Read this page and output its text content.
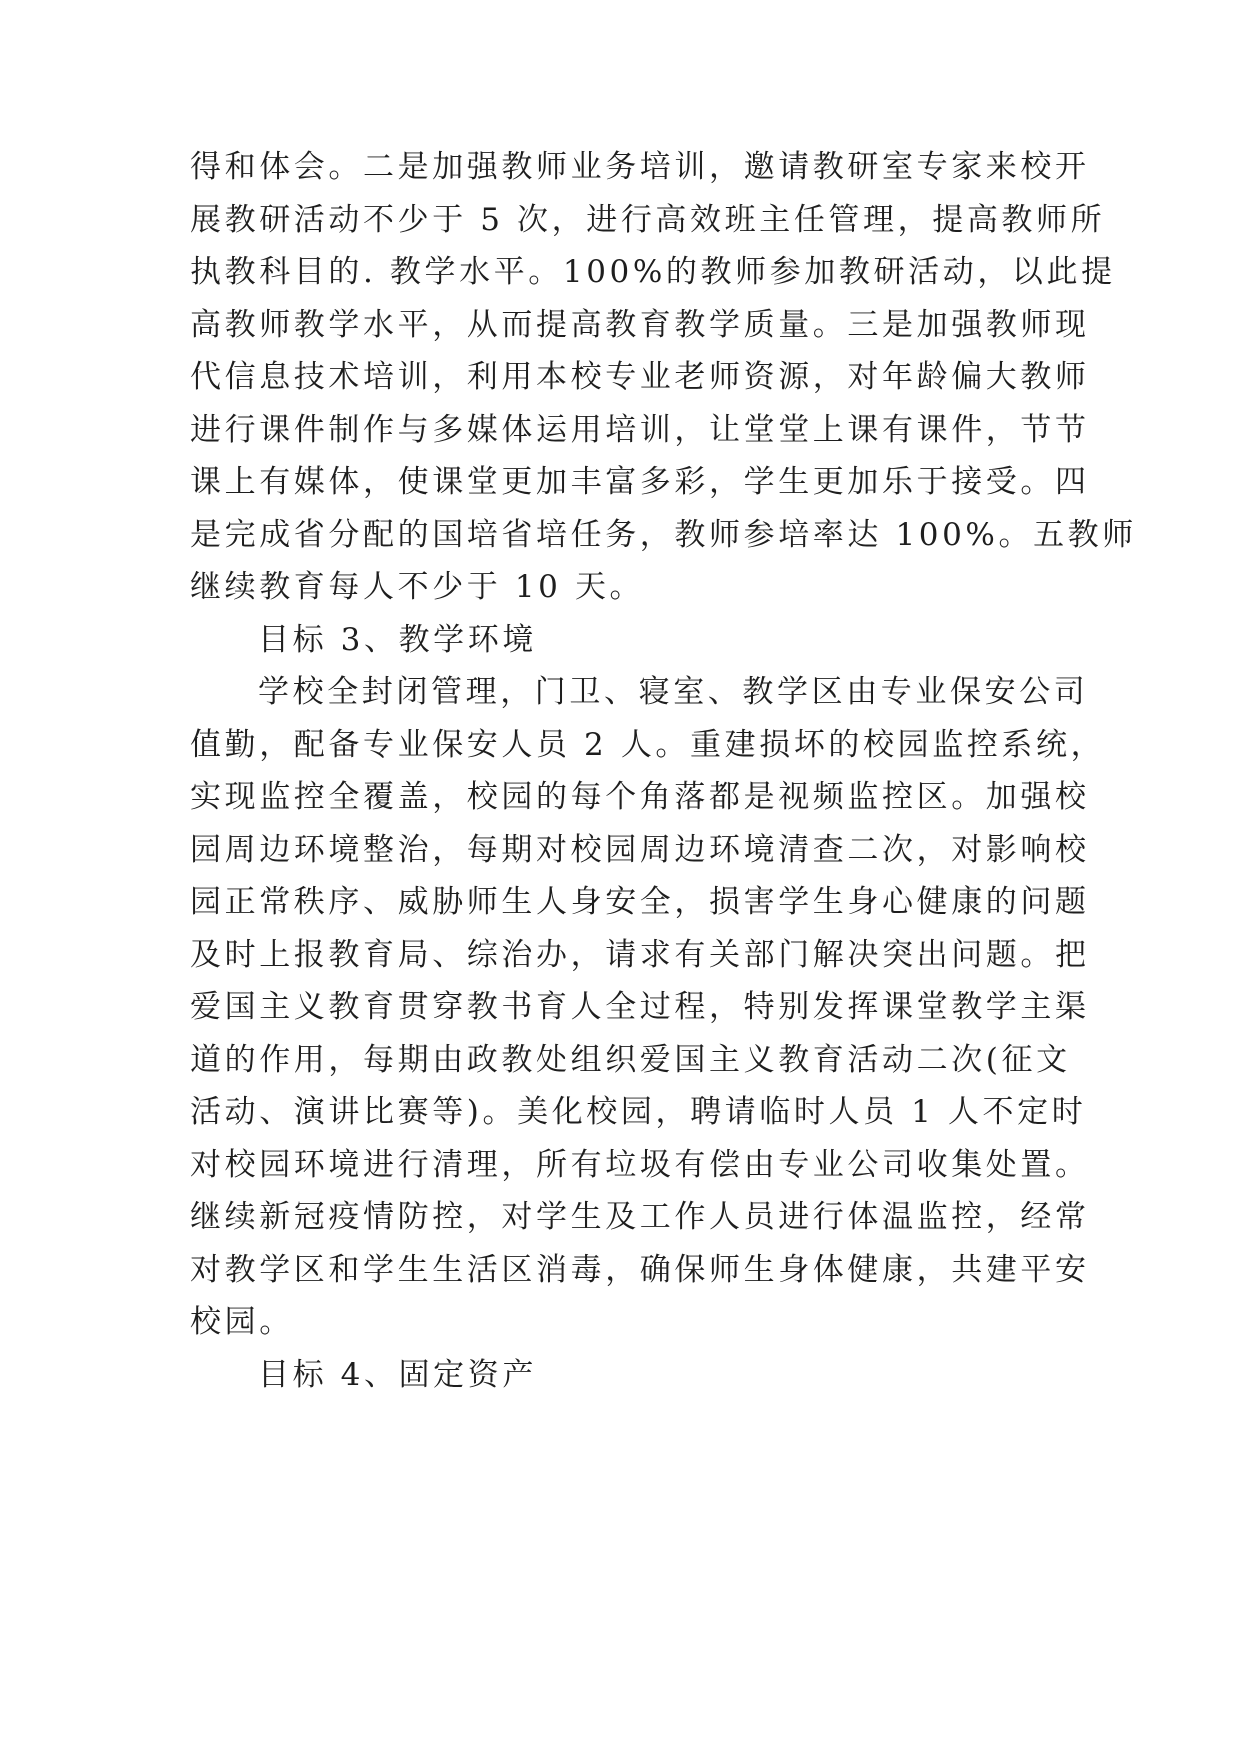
得和体会。二是加强教师业务培训，邀请教研室专家来校开
展教研活动不少于 5 次，进行高效班主任管理，提高教师所
执教科目的. 教学水平。100%的教师参加教研活动，以此提
高教师教学水平，从而提高教育教学质量。三是加强教师现
代信息技术培训，利用本校专业老师资源，对年龄偏大教师
进行课件制作与多媒体运用培训，让堂堂上课有课件，节节
课上有媒体，使课堂更加丰富多彩，学生更加乐于接受。四
是完成省分配的国培省培任务，教师参培率达 100%。五教师
继续教育每人不少于 10 天。
目标 3、教学环境
学校全封闭管理，门卫、寝室、教学区由专业保安公司
值勤，配备专业保安人员 2 人。重建损坏的校园监控系统，
实现监控全覆盖，校园的每个角落都是视频监控区。加强校
园周边环境整治，每期对校园周边环境清查二次，对影响校
园正常秩序、威胁师生人身安全，损害学生身心健康的问题
及时上报教育局、综治办，请求有关部门解决突出问题。把
爱国主义教育贯穿教书育人全过程，特别发挥课堂教学主渠
道的作用，每期由政教处组织爱国主义教育活动二次(征文
活动、演讲比赛等)。美化校园，聘请临时人员 1 人不定时
对校园环境进行清理，所有垃圾有偿由专业公司收集处置。
继续新冠疫情防控，对学生及工作人员进行体温监控，经常
对教学区和学生生活区消毒，确保师生身体健康，共建平安
校园。
目标 4、固定资产
